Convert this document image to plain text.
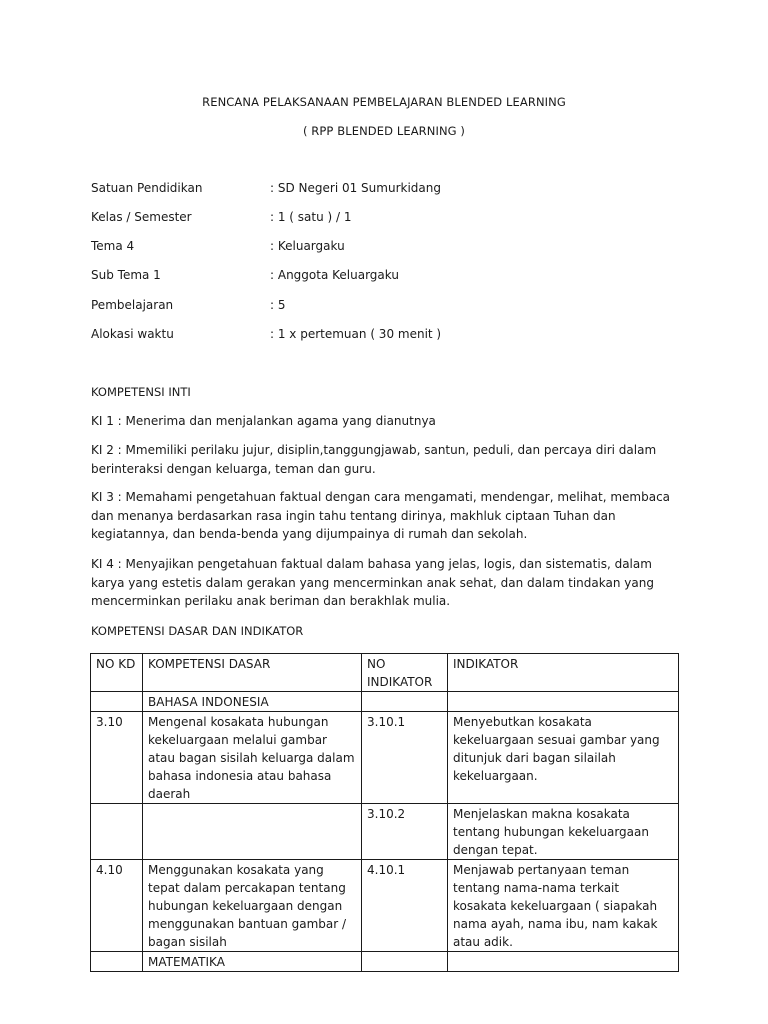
RENCANA PELAKSANAAN PEMBELAJARAN BLENDED LEARNING
( RPP BLENDED LEARNING )
Satuan Pendidikan	: SD Negeri 01 Sumurkidang
Kelas / Semester	: 1 ( satu ) / 1
Tema 4	: Keluargaku
Sub Tema 1	: Anggota Keluargaku
Pembelajaran	: 5
Alokasi waktu	: 1 x pertemuan ( 30 menit )
KOMPETENSI INTI
KI 1 : Menerima dan menjalankan agama yang dianutnya
KI 2 : Mmemiliki perilaku jujur, disiplin,tanggungjawab, santun, peduli, dan percaya diri dalam berinteraksi dengan keluarga, teman dan guru.
KI 3 : Memahami pengetahuan faktual dengan cara mengamati, mendengar, melihat, membaca dan menanya berdasarkan rasa ingin tahu tentang dirinya, makhluk ciptaan Tuhan dan kegiatannya, dan benda-benda yang dijumpainya di rumah dan sekolah.
KI 4 : Menyajikan pengetahuan faktual dalam bahasa yang jelas, logis, dan sistematis, dalam karya yang estetis dalam gerakan yang mencerminkan anak sehat, dan dalam tindakan yang mencerminkan perilaku anak beriman dan berakhlak mulia.
KOMPETENSI DASAR DAN INDIKATOR
NO KD	KOMPETENSI DASAR	NO INDIKATOR	INDIKATOR
	BAHASA INDONESIA		
3.10	Mengenal kosakata hubungan kekeluargaan melalui gambar atau bagan sisilah keluarga dalam bahasa indonesia atau bahasa daerah	3.10.1	Menyebutkan kosakata kekeluargaan sesuai gambar yang ditunjuk dari bagan silailah kekeluargaan.
		3.10.2	Menjelaskan makna kosakata tentang hubungan kekeluargaan dengan tepat.
4.10	Menggunakan kosakata yang tepat dalam percakapan tentang hubungan kekeluargaan dengan menggunakan bantuan gambar / bagan sisilah	4.10.1	Menjawab pertanyaan teman tentang nama-nama terkait kosakata kekeluargaan ( siapakah nama ayah, nama ibu, nam kakak atau adik.
	MATEMATIKA		
